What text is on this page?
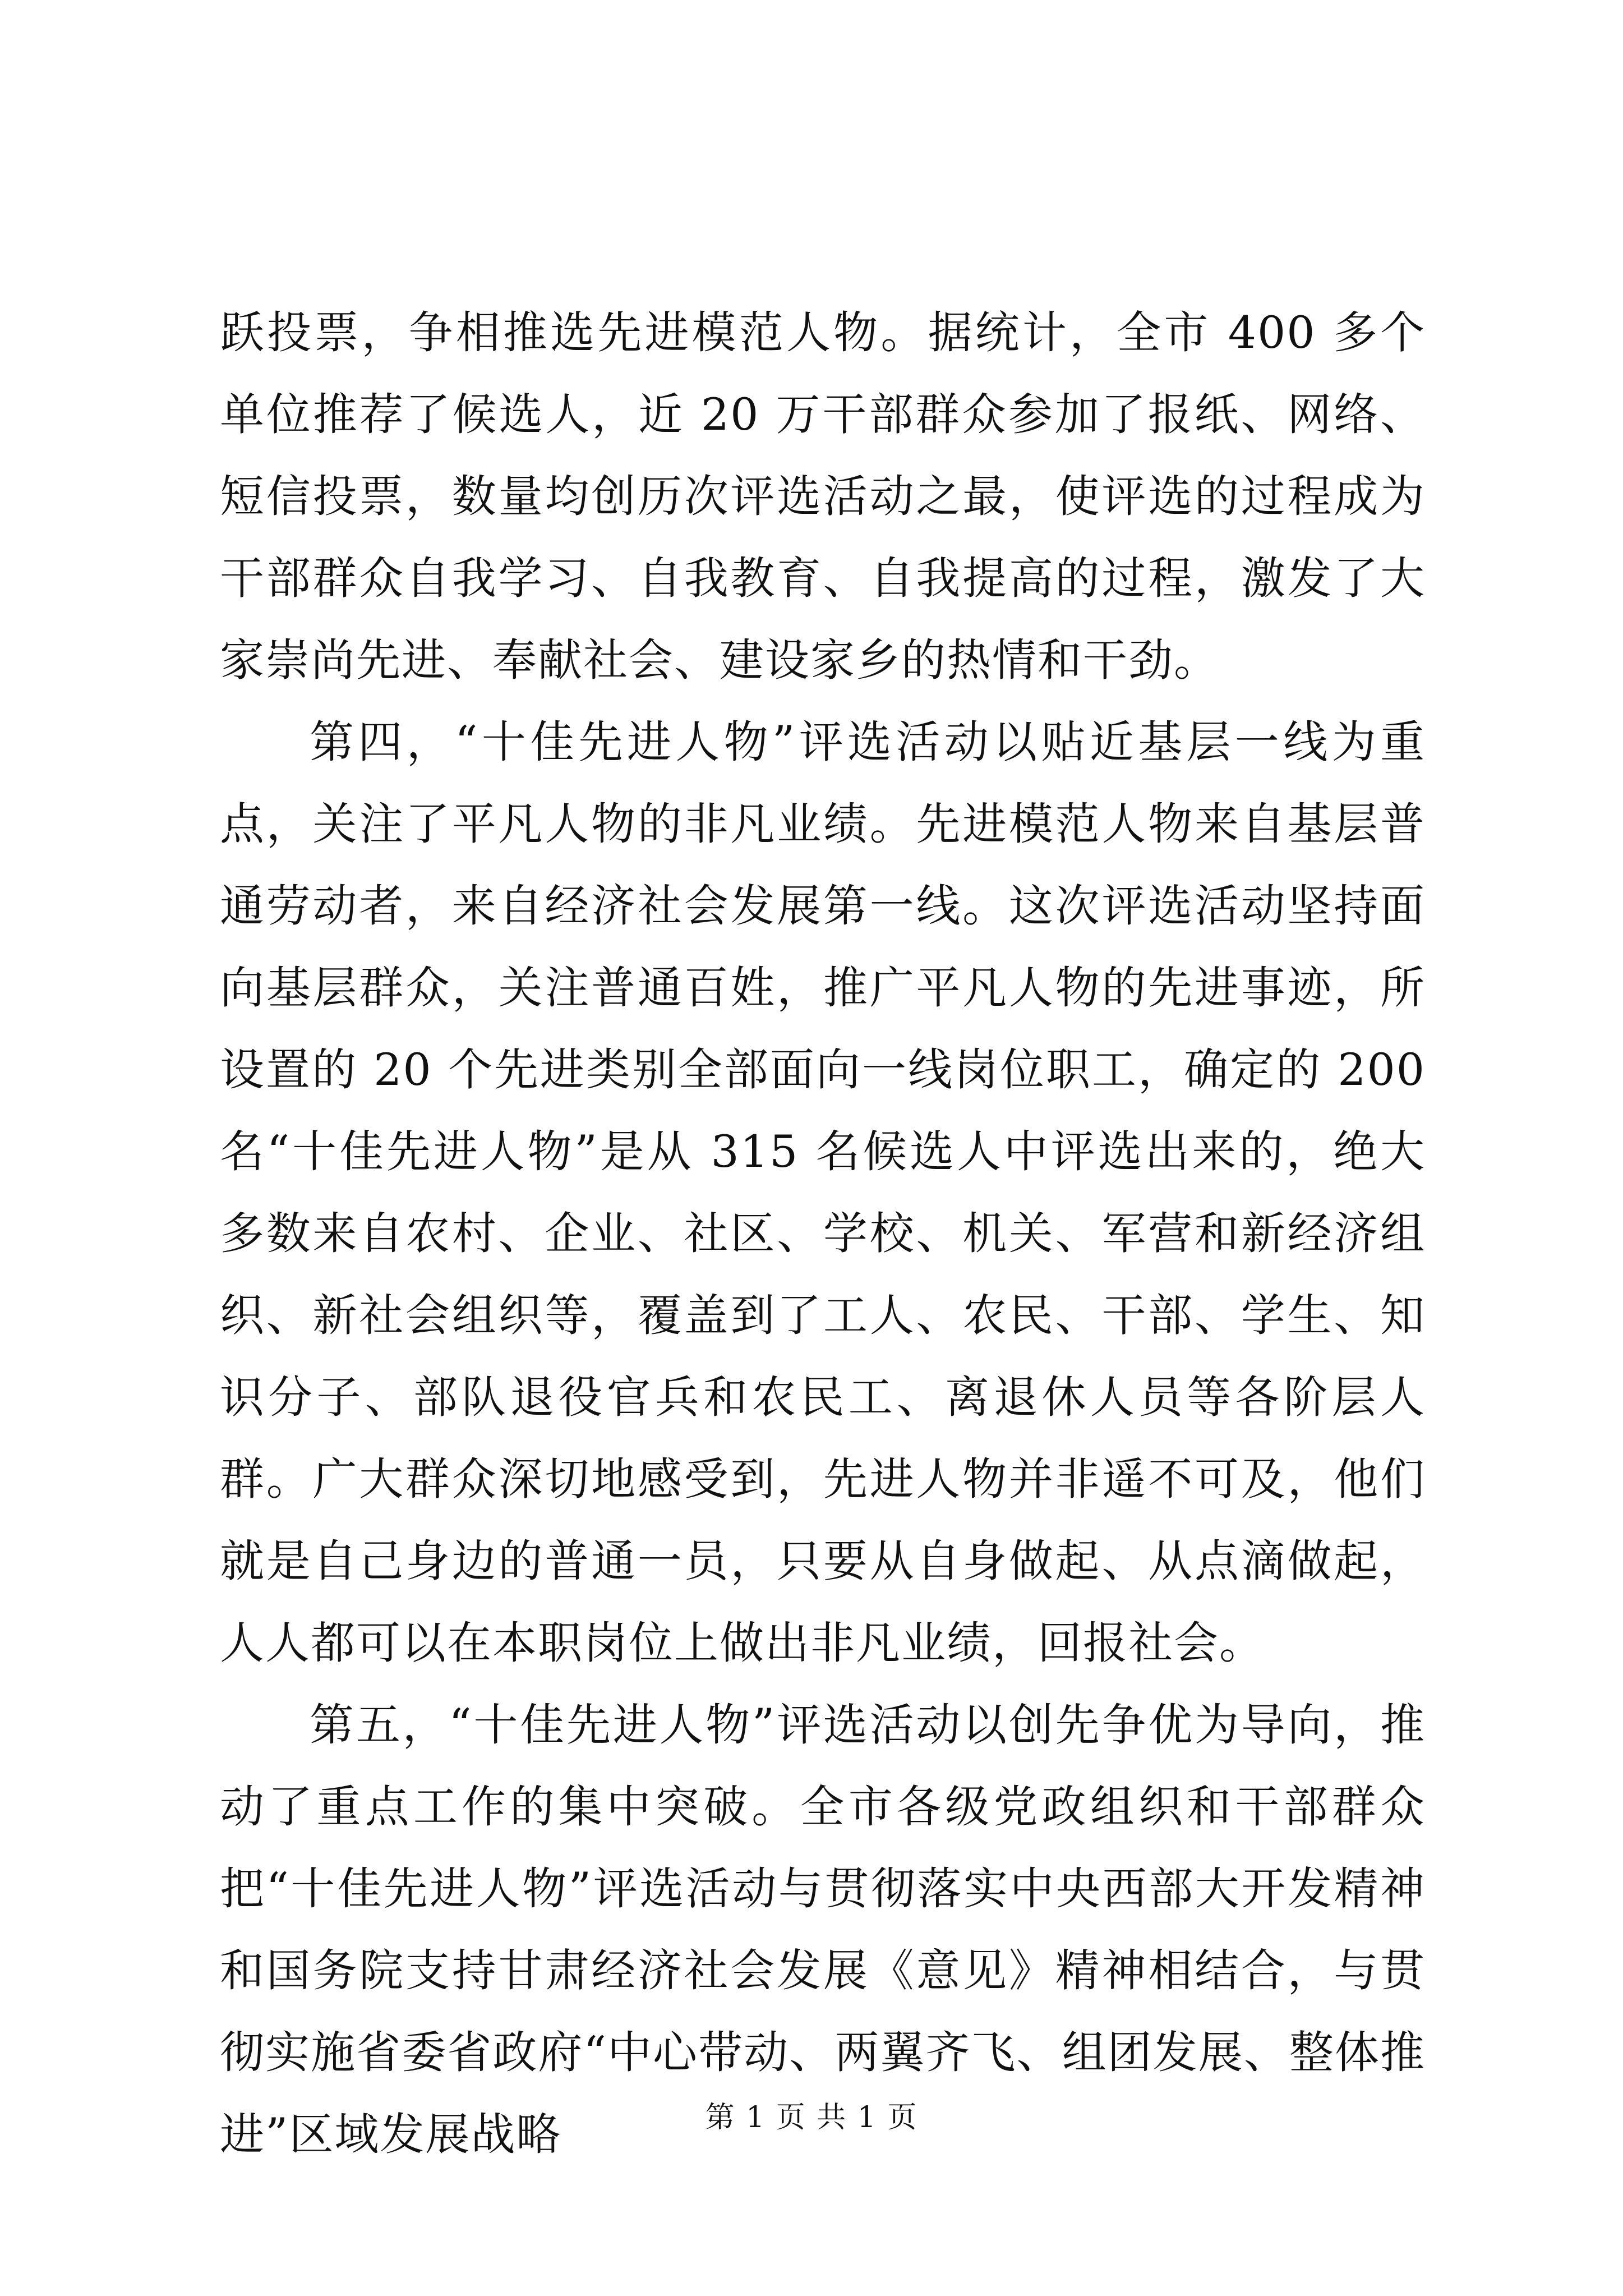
跃投票，争相推选先进模范人物。据统计，全市 400 多个单位推荐了候选人，近 20 万干部群众参加了报纸、网络、短信投票，数量均创历次评选活动之最，使评选的过程成为干部群众自我学习、自我教育、自我提高的过程，激发了大家崇尚先进、奉献社会、建设家乡的热情和干劲。

第四，“十佳先进人物”评选活动以贴近基层一线为重点，关注了平凡人物的非凡业绩。先进模范人物来自基层普通劳动者，来自经济社会发展第一线。这次评选活动坚持面向基层群众，关注普通百姓，推广平凡人物的先进事迹，所设置的 20 个先进类别全部面向一线岗位职工，确定的 200 名“十佳先进人物”是从 315 名候选人中评选出来的，绝大多数来自农村、企业、社区、学校、机关、军营和新经济组织、新社会组织等，覆盖到了工人、农民、干部、学生、知识分子、部队退役官兵和农民工、离退休人员等各阶层人群。广大群众深切地感受到，先进人物并非遥不可及，他们就是自己身边的普通一员，只要从自身做起、从点滴做起，人人都可以在本职岗位上做出非凡业绩，回报社会。

第五，“十佳先进人物”评选活动以创先争优为导向，推动了重点工作的集中突破。全市各级党政组织和干部群众把“十佳先进人物”评选活动与贯彻落实中央西部大开发精神和国务院支持甘肃经济社会发展《意见》精神相结合，与贯彻实施省委省政府“中心带动、两翼齐飞、组团发展、整体推进”区域发展战略	第 1 页 共 1 页
